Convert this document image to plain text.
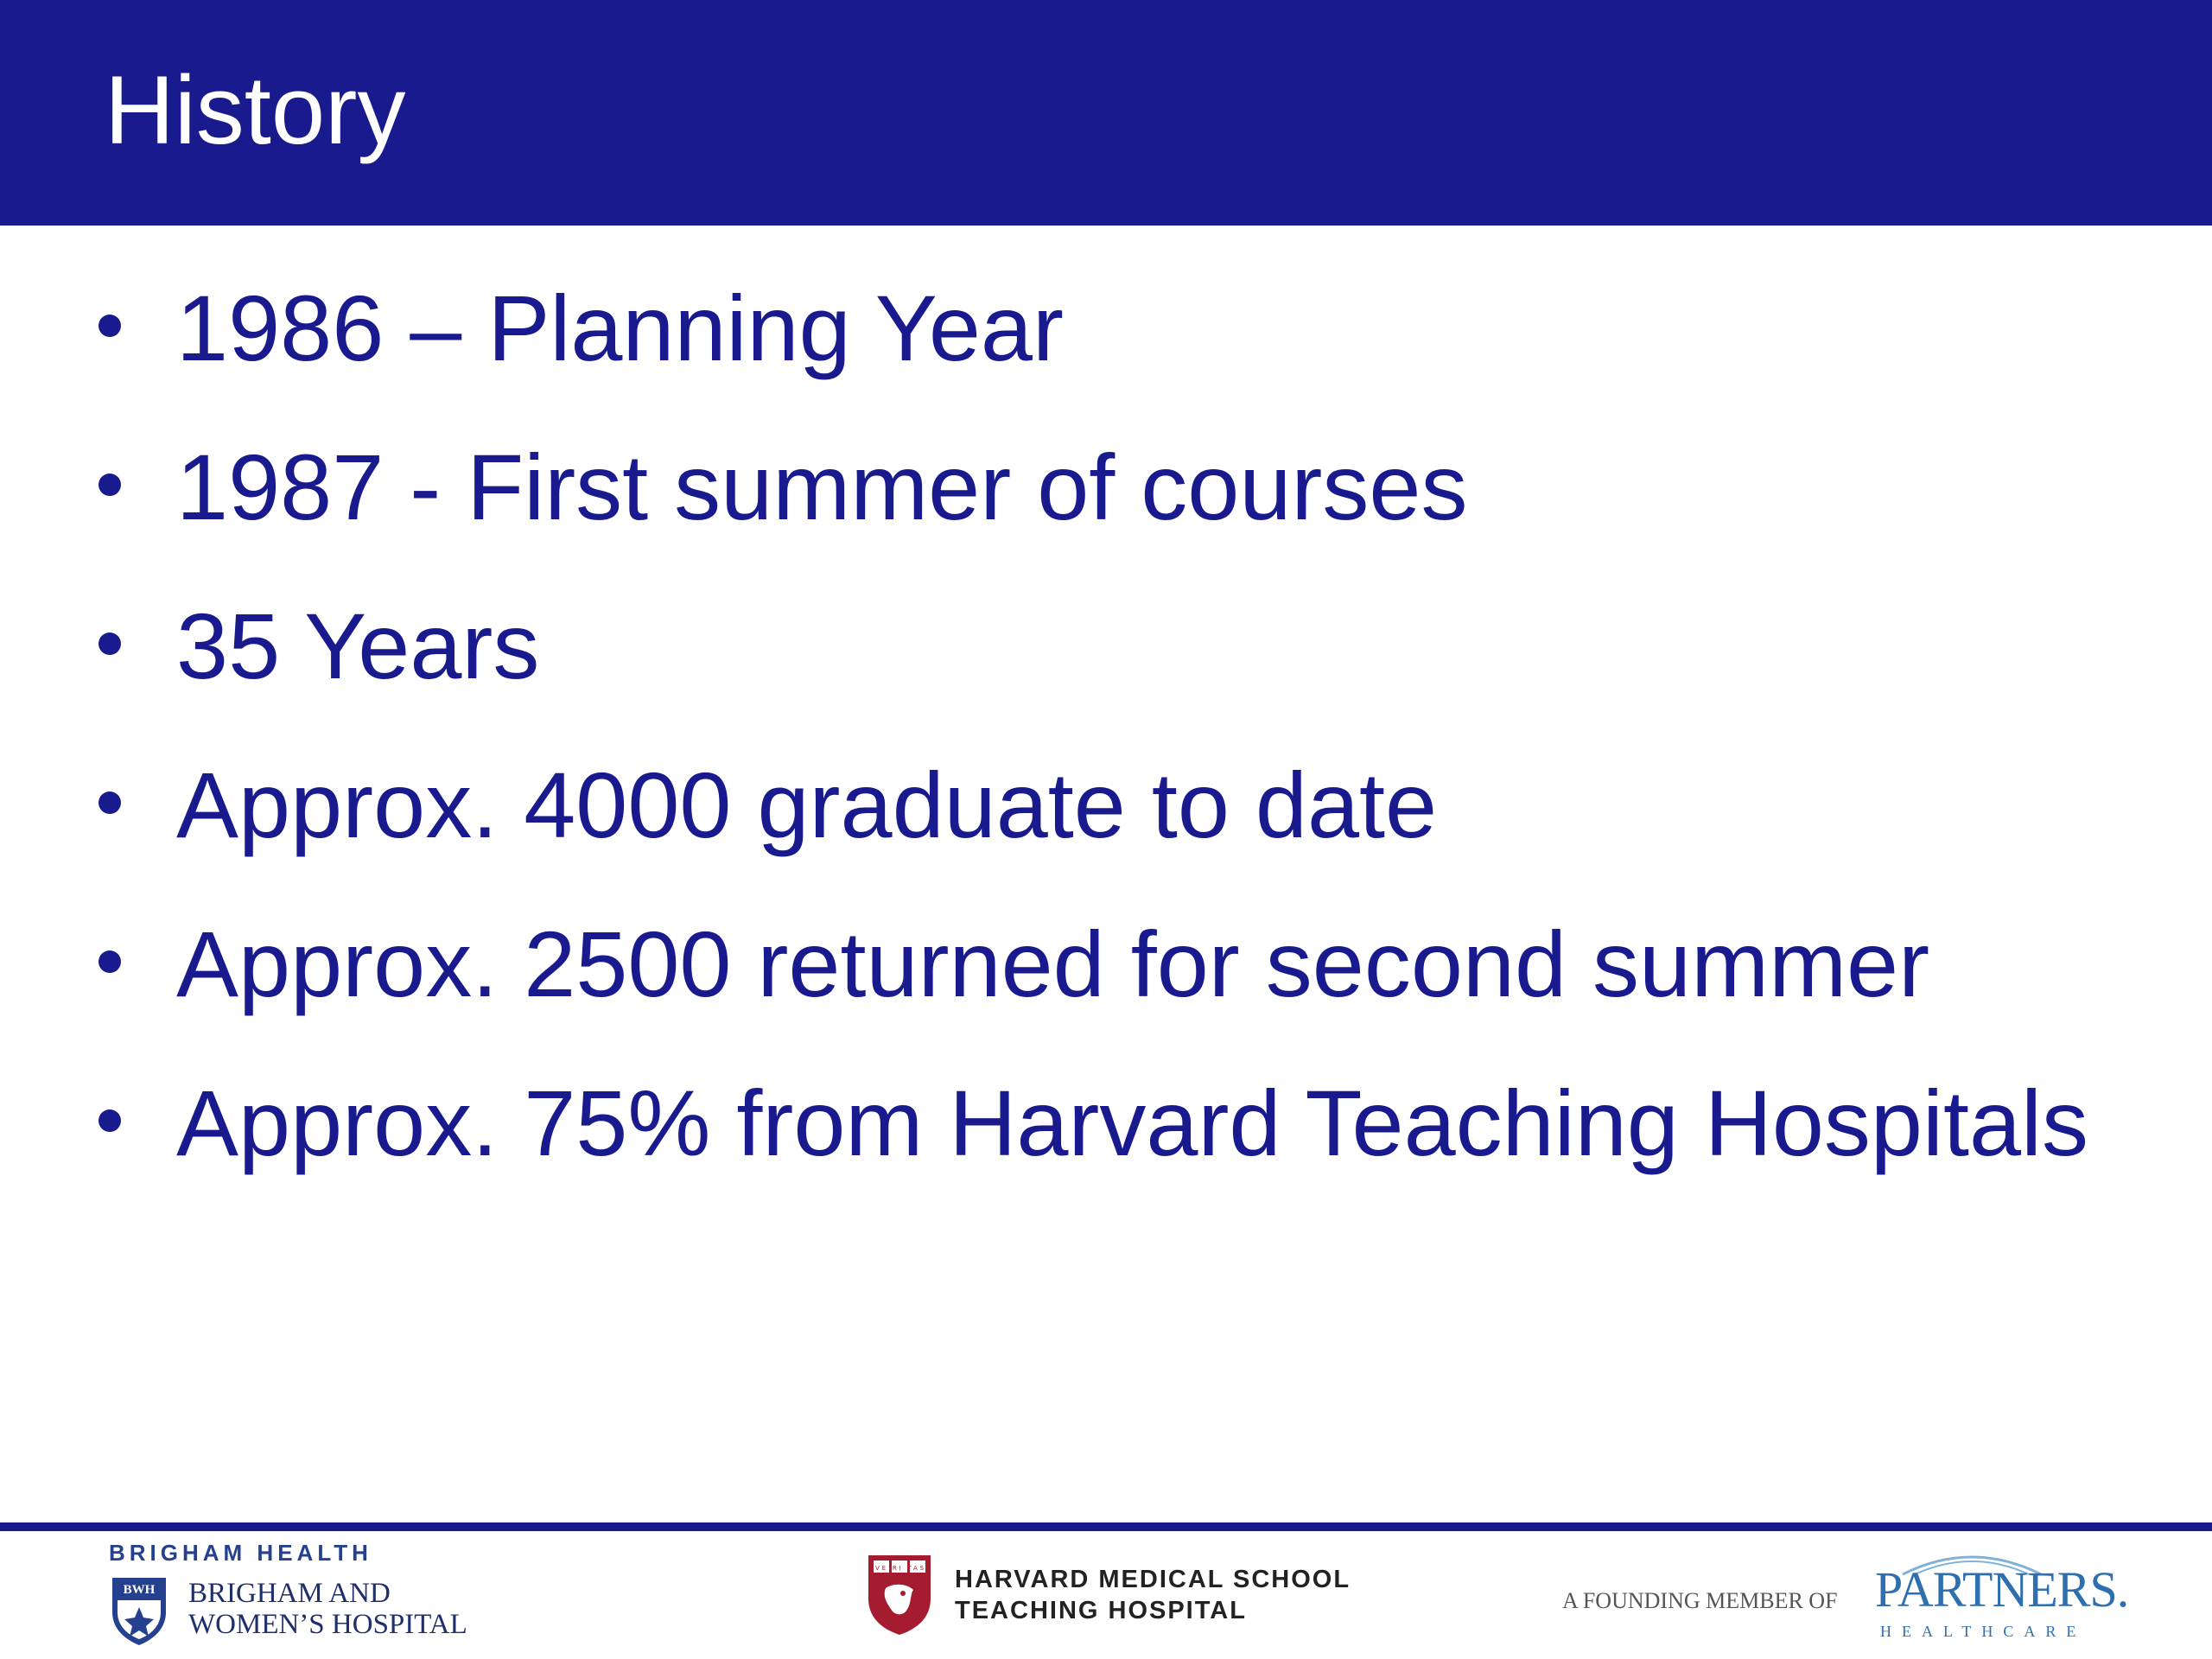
History
1986 – Planning Year
1987 - First summer of courses
35 Years
Approx. 4000 graduate to date
Approx. 2500 returned for second summer
Approx. 75% from Harvard Teaching Hospitals
BRIGHAM HEALTH
BWH BRIGHAM AND
WOMEN’S HOSPITAL
VE RI TAS HARVARD MEDICAL SCHOOL
TEACHING HOSPITAL	A FOUNDING MEMBER OF PARTNERS.
HEALTHCARE
